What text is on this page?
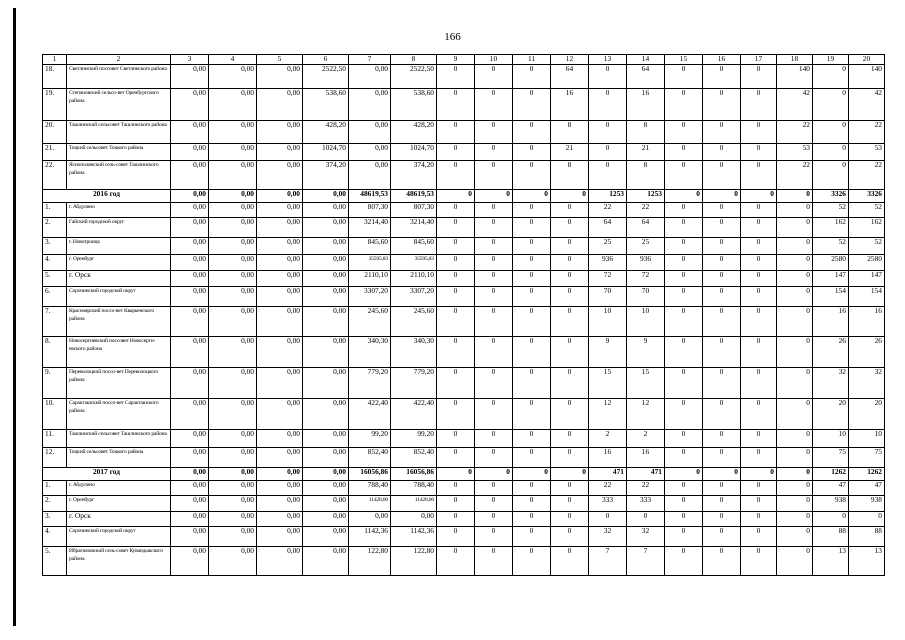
166
1	2	3	4	5	6	7	8	9	10	11	12	13	14	15	16	17	18	19	20
18.	Светлинский поссовет Светлинского района	0,00	0,00	0,00	2522,50	0,00	2522,50	0	0	0	64	0	64	0	0	0	140	0	140
19.	Степановский сельсо-вет Оренбургского района	0,00	0,00	0,00	538,60	0,00	538,60	0	0	0	16	0	16	0	0	0	42	0	42
20.	Ташлинский сельсовет Ташлинского района	0,00	0,00	0,00	428,20	0,00	428,20	0	0	0	8	0	8	0	0	0	22	0	22
21.	Тоцкий сельсовет Тоцкого района	0,00	0,00	0,00	1024,70	0,00	1024,70	0	0	0	21	0	21	0	0	0	53	0	53
22.	Яснополянский сель-совет Ташлинского района	0,00	0,00	0,00	374,20	0,00	374,20	0	0	0	8	0	8	0	0	0	22	0	22
2016 год		0,00	0,00	0,00	0,00	48619,53	48619,53	0	0	0	0	1253	1253	0	0	0	0	3326	3326
1.	г. Абдулино	0,00	0,00	0,00	0,00	807,30	807,30	0	0	0	0	22	22	0	0	0	0	52	52
2.	Гайский городской округ	0,00	0,00	0,00	0,00	3214,40	3214,40	0	0	0	0	64	64	0	0	0	0	162	162
3.	г. Новотроицк	0,00	0,00	0,00	0,00	845,60	845,60	0	0	0	0	25	25	0	0	0	0	52	52
4.	г. Оренбург	0,00	0,00	0,00	0,00	35595,83	35595,83	0	0	0	0	936	936	0	0	0	0	2580	2580
5.	г. Орск	0,00	0,00	0,00	0,00	2110,10	2110,10	0	0	0	0	72	72	0	0	0	0	147	147
6.	Сорочинский городской округ	0,00	0,00	0,00	0,00	3307,20	3307,20	0	0	0	0	70	70	0	0	0	0	154	154
7.	Красноярский поссо-вет Кваркенского района	0,00	0,00	0,00	0,00	245,60	245,60	0	0	0	0	10	10	0	0	0	0	16	16
8.	Новосергиевский поссовет Новосерги-евского района	0,00	0,00	0,00	0,00	340,30	340,30	0	0	0	0	9	9	0	0	0	0	26	26
9.	Переволоцкий поссо-вет Переволоцкого района	0,00	0,00	0,00	0,00	779,20	779,20	0	0	0	0	15	15	0	0	0	0	32	32
10.	Саракташский поссо-вет Саракташского района	0,00	0,00	0,00	0,00	422,40	422,40	0	0	0	0	12	12	0	0	0	0	20	20
11.	Ташлинский сельсовет Ташлинского района	0,00	0,00	0,00	0,00	99,20	99,20	0	0	0	0	2	2	0	0	0	0	10	10
12.	Тоцкий сельсовет Тоцкого района	0,00	0,00	0,00	0,00	852,40	852,40	0	0	0	0	16	16	0	0	0	0	75	75
2017 год		0,00	0,00	0,00	0,00	16056,86	16056,86	0	0	0	0	471	471	0	0	0	0	1262	1262
1.	г. Абдулино	0,00	0,00	0,00	0,00	788,40	788,40	0	0	0	0	22	22	0	0	0	0	47	47
2.	г. Оренбург	0,00	0,00	0,00	0,00	11428,00	11428,00	0	0	0	0	333	333	0	0	0	0	938	938
3.	г. Орск	0,00	0,00	0,00	0,00	0,00	0,00	0	0	0	0	0	0	0	0	0	0	0	0
4.	Сорочинский городской округ	0,00	0,00	0,00	0,00	1142,36	1142,36	0	0	0	0	32	32	0	0	0	0	88	88
5.	Ибрагимовский сель-совет Кувандыкского района	0,00	0,00	0,00	0,00	122,80	122,80	0	0	0	0	7	7	0	0	0	0	13	13
